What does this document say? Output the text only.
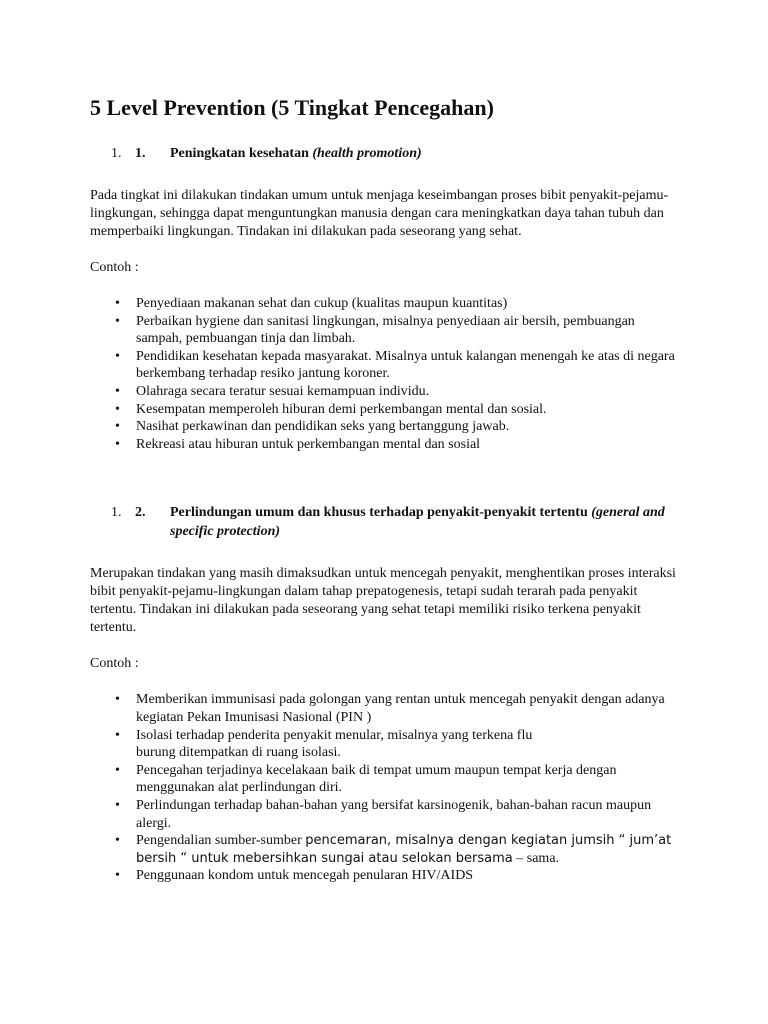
5 Level Prevention (5 Tingkat Pencegahan)
1. 1.	Peningkatan kesehatan (health promotion)

Pada tingkat ini dilakukan tindakan umum untuk menjaga keseimbangan proses bibit penyakit-pejamu-lingkungan, sehingga dapat menguntungkan manusia dengan cara meningkatkan daya tahan tubuh dan memperbaiki lingkungan. Tindakan ini dilakukan pada seseorang yang sehat.

Contoh :

• Penyediaan makanan sehat dan cukup (kualitas maupun kuantitas)
• Perbaikan hygiene dan sanitasi lingkungan, misalnya penyediaan air bersih, pembuangan sampah, pembuangan tinja dan limbah.
• Pendidikan kesehatan kepada masyarakat. Misalnya untuk kalangan menengah ke atas di negara berkembang terhadap resiko jantung koroner.
• Olahraga secara teratur sesuai kemampuan individu.
• Kesempatan memperoleh hiburan demi perkembangan mental dan sosial.
• Nasihat perkawinan dan pendidikan seks yang bertanggung jawab.
• Rekreasi atau hiburan untuk perkembangan mental dan sosial
1. 2.	Perlindungan umum dan khusus terhadap penyakit-penyakit tertentu (general and specific protection)

Merupakan tindakan yang masih dimaksudkan untuk mencegah penyakit, menghentikan proses interaksi bibit penyakit-pejamu-lingkungan dalam tahap prepatogenesis, tetapi sudah terarah pada penyakit tertentu. Tindakan ini dilakukan pada seseorang yang sehat tetapi memiliki risiko terkena penyakit tertentu.

Contoh :

• Memberikan immunisasi pada golongan yang rentan untuk mencegah penyakit dengan adanya kegiatan Pekan Imunisasi Nasional (PIN )
• Isolasi terhadap penderita penyakit menular, misalnya yang terkena flu
burung ditempatkan di ruang isolasi.
• Pencegahan terjadinya kecelakaan baik di tempat umum maupun tempat kerja dengan menggunakan alat perlindungan diri.
• Perlindungan terhadap bahan-bahan yang bersifat karsinogenik, bahan-bahan racun maupun alergi.
• Pengendalian sumber-sumber pencemaran, misalnya dengan kegiatan jumsih “ jum’at bersih “ untuk mebersihkan sungai atau selokan bersama – sama.
• Penggunaan kondom untuk mencegah penularan HIV/AIDS
